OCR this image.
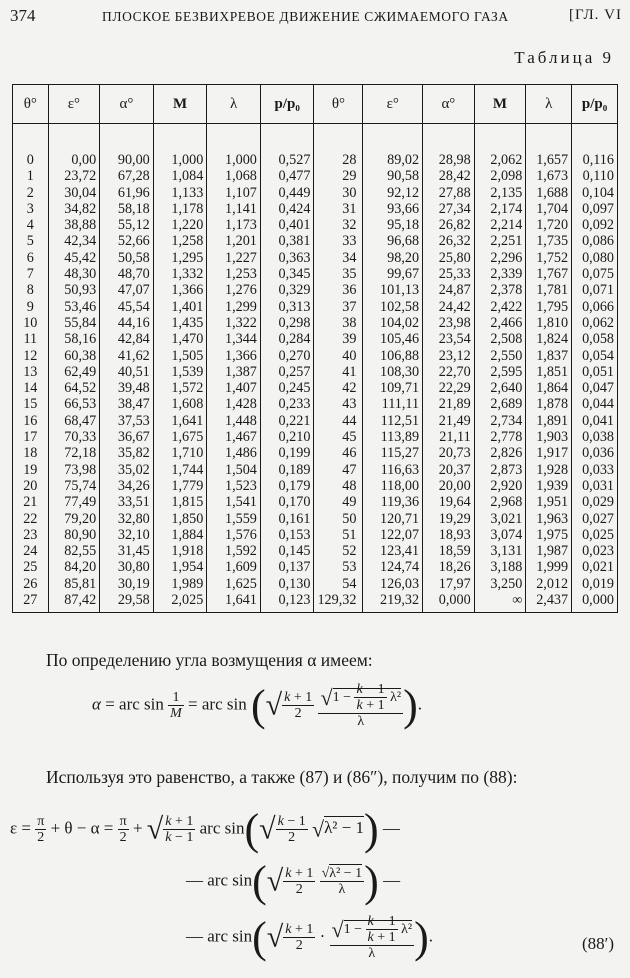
374	ПЛОСКОЕ БЕЗВИХРЕВОЕ ДВИЖЕНИЕ СЖИМАЕМОГО ГАЗА	[ГЛ. VI
Таблица 9
θ°	ε°	α°	M	λ	p/p₀	θ°	ε°	α°	M	λ	p/p₀
0	0,00	90,00	1,000	1,000	0,527	28	89,02	28,98	2,062	1,657	0,116
1	23,72	67,28	1,084	1,068	0,477	29	90,58	28,42	2,098	1,673	0,110
2	30,04	61,96	1,133	1,107	0,449	30	92,12	27,88	2,135	1,688	0,104
3	34,82	58,18	1,178	1,141	0,424	31	93,66	27,34	2,174	1,704	0,097
4	38,88	55,12	1,220	1,173	0,401	32	95,18	26,82	2,214	1,720	0,092
5	42,34	52,66	1,258	1,201	0,381	33	96,68	26,32	2,251	1,735	0,086
6	45,42	50,58	1,295	1,227	0,363	34	98,20	25,80	2,296	1,752	0,080
7	48,30	48,70	1,332	1,253	0,345	35	99,67	25,33	2,339	1,767	0,075
8	50,93	47,07	1,366	1,276	0,329	36	101,13	24,87	2,378	1,781	0,071
9	53,46	45,54	1,401	1,299	0,313	37	102,58	24,42	2,422	1,795	0,066
10	55,84	44,16	1,435	1,322	0,298	38	104,02	23,98	2,466	1,810	0,062
11	58,16	42,84	1,470	1,344	0,284	39	105,46	23,54	2,508	1,824	0,058
12	60,38	41,62	1,505	1,366	0,270	40	106,88	23,12	2,550	1,837	0,054
13	62,49	40,51	1,539	1,387	0,257	41	108,30	22,70	2,595	1,851	0,051
14	64,52	39,48	1,572	1,407	0,245	42	109,71	22,29	2,640	1,864	0,047
15	66,53	38,47	1,608	1,428	0,233	43	111,11	21,89	2,689	1,878	0,044
16	68,47	37,53	1,641	1,448	0,221	44	112,51	21,49	2,734	1,891	0,041
17	70,33	36,67	1,675	1,467	0,210	45	113,89	21,11	2,778	1,903	0,038
18	72,18	35,82	1,710	1,486	0,199	46	115,27	20,73	2,826	1,917	0,036
19	73,98	35,02	1,744	1,504	0,189	47	116,63	20,37	2,873	1,928	0,033
20	75,74	34,26	1,779	1,523	0,179	48	118,00	20,00	2,920	1,939	0,031
21	77,49	33,51	1,815	1,541	0,170	49	119,36	19,64	2,968	1,951	0,029
22	79,20	32,80	1,850	1,559	0,161	50	120,71	19,29	3,021	1,963	0,027
23	80,90	32,10	1,884	1,576	0,153	51	122,07	18,93	3,074	1,975	0,025
24	82,55	31,45	1,918	1,592	0,145	52	123,41	18,59	3,131	1,987	0,023
25	84,20	30,80	1,954	1,609	0,137	53	124,74	18,26	3,188	1,999	0,021
26	85,81	30,19	1,989	1,625	0,130	54	126,03	17,97	3,250	2,012	0,019
27	87,42	29,58	2,025	1,641	0,123	129,32	219,32	0,000	∞	2,437	0,000
По определению угла возмущения α имеем:
α = arc $\sin \frac{1}{M}$ = arc sin (√ $\frac{k + 1}{2}$
$\frac{√1 - \frac{k - 1}{k + 1} \lambda^2}{\lambda}$ ).
Используя это равенство, а также (87) и (86″), получим по (88):
$\varepsilon = \frac{\pi}{2} + \theta - \alpha = \frac{\pi}{2}$ + √ $\frac{k + 1}{k - 1}$ arc $\sin(√ \frac{k - 1}{2} √\lambda^2 - 1)$ —
— arc $\sin(√ \frac{k + 1}{2}$
$\frac{\text{√λ² − 1}}{\lambda}$ ) —
— arc $\sin(√ \frac{k + 1}{2} \cdot \frac{√1 - \frac{k - 1}{k + 1} \lambda^2}{\lambda}$ ).	(88′)
